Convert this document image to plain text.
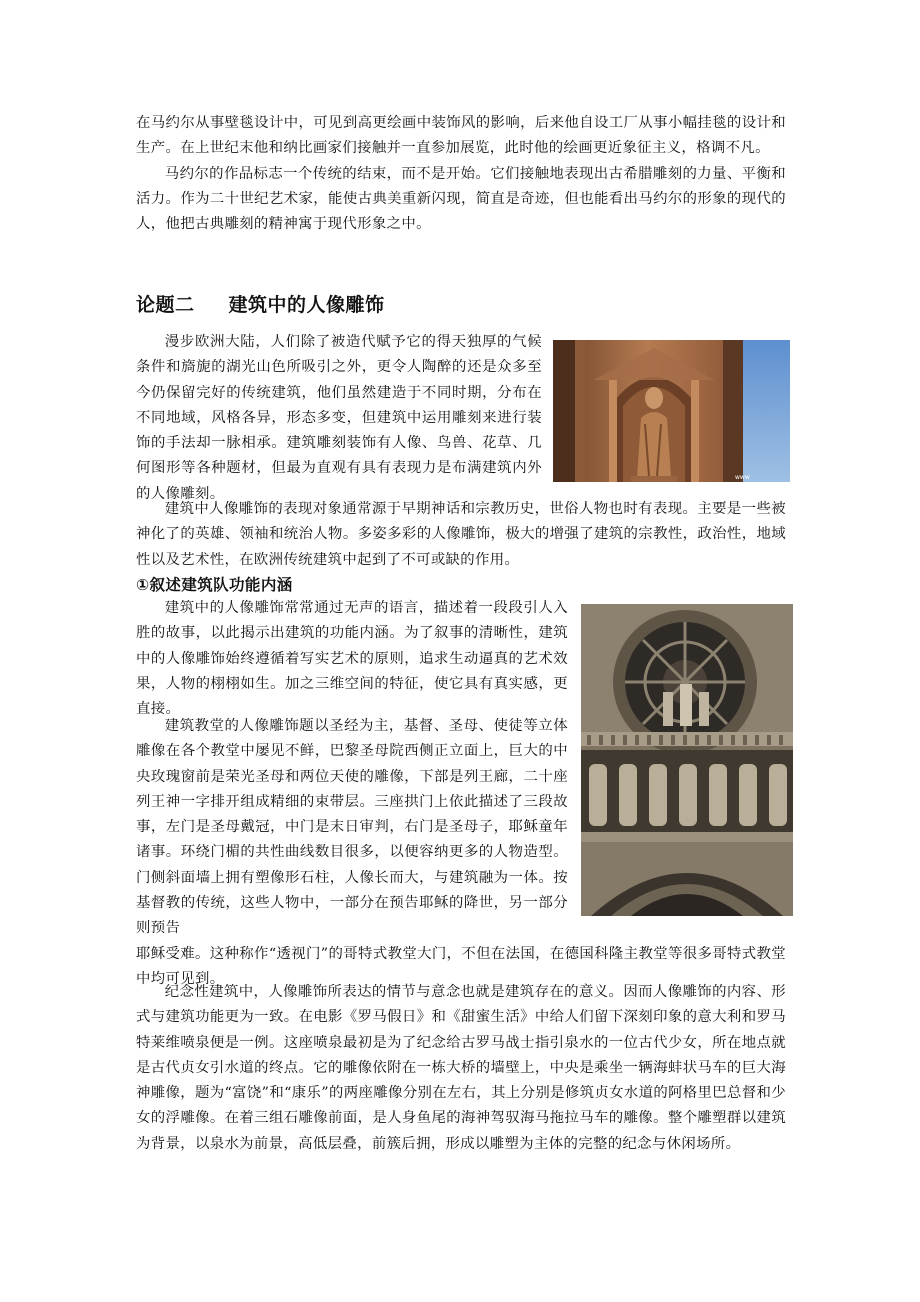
在马约尔从事壁毯设计中，可见到高更绘画中装饰风的影响，后来他自设工厂从事小幅挂毯的设计和生产。在上世纪末他和纳比画家们接触并一直参加展览，此时他的绘画更近象征主义，格调不凡。

马约尔的作品标志一个传统的结束，而不是开始。它们接触地表现出古希腊雕刻的力量、平衡和活力。作为二十世纪艺术家，能使古典美重新闪现，简直是奇迹，但也能看出马约尔的形象的现代的人，他把古典雕刻的精神寓于现代形象之中。

论题二 建筑中的人像雕饰
www

漫步欧洲大陆，人们除了被造代赋予它的得天独厚的气候条件和旖旎的湖光山色所吸引之外，更令人陶醉的还是众多至今仍保留完好的传统建筑，他们虽然建造于不同时期，分布在不同地域，风格各异，形态多变，但建筑中运用雕刻来进行装饰的手法却一脉相承。建筑雕刻装饰有人像、鸟兽、花草、几何图形等各种题材，但最为直观有具有表现力是布满建筑内外的人像雕刻。

建筑中人像雕饰的表现对象通常源于早期神话和宗教历史，世俗人物也时有表现。主要是一些被神化了的英雄、领袖和统治人物。多姿多彩的人像雕饰，极大的增强了建筑的宗教性，政治性，地域性以及艺术性，在欧洲传统建筑中起到了不可或缺的作用。

①叙述建筑队功能内涵

建筑中的人像雕饰常常通过无声的语言，描述着一段段引人入胜的故事，以此揭示出建筑的功能内涵。为了叙事的清晰性，建筑中的人像雕饰始终遵循着写实艺术的原则，追求生动逼真的艺术效果，人物的栩栩如生。加之三维空间的特征，使它具有真实感，更直接。

建筑教堂的人像雕饰题以圣经为主，基督、圣母、使徒等立体雕像在各个教堂中屡见不鲜，巴黎圣母院西侧正立面上，巨大的中央玫瑰窗前是荣光圣母和两位天使的雕像，下部是列王廊，二十座列王神一字排开组成精细的束带层。三座拱门上依此描述了三段故事，左门是圣母戴冠，中门是末日审判，右门是圣母子，耶稣童年诸事。环绕门楣的共性曲线数目很多，以便容纳更多的人物造型。门侧斜面墙上拥有塑像形石柱，人像长而大，与建筑融为一体。按基督教的传统，这些人物中，一部分在预告耶稣的降世，另一部分则预告

耶稣受难。这种称作“透视门”的哥特式教堂大门，不但在法国，在德国科隆主教堂等很多哥特式教堂中均可见到。

纪念性建筑中，人像雕饰所表达的情节与意念也就是建筑存在的意义。因而人像雕饰的内容、形式与建筑功能更为一致。在电影《罗马假日》和《甜蜜生活》中给人们留下深刻印象的意大利和罗马特莱维喷泉便是一例。这座喷泉最初是为了纪念给古罗马战士指引泉水的一位古代少女，所在地点就是古代贞女引水道的终点。它的雕像依附在一栋大桥的墙壁上，中央是乘坐一辆海蚌状马车的巨大海神雕像，题为“富饶”和“康乐”的两座雕像分别在左右，其上分别是修筑贞女水道的阿格里巴总督和少女的浮雕像。在着三组石雕像前面，是人身鱼尾的海神驾驭海马拖拉马车的雕像。整个雕塑群以建筑为背景，以泉水为前景，高低层叠，前簇后拥，形成以雕塑为主体的完整的纪念与休闲场所。
